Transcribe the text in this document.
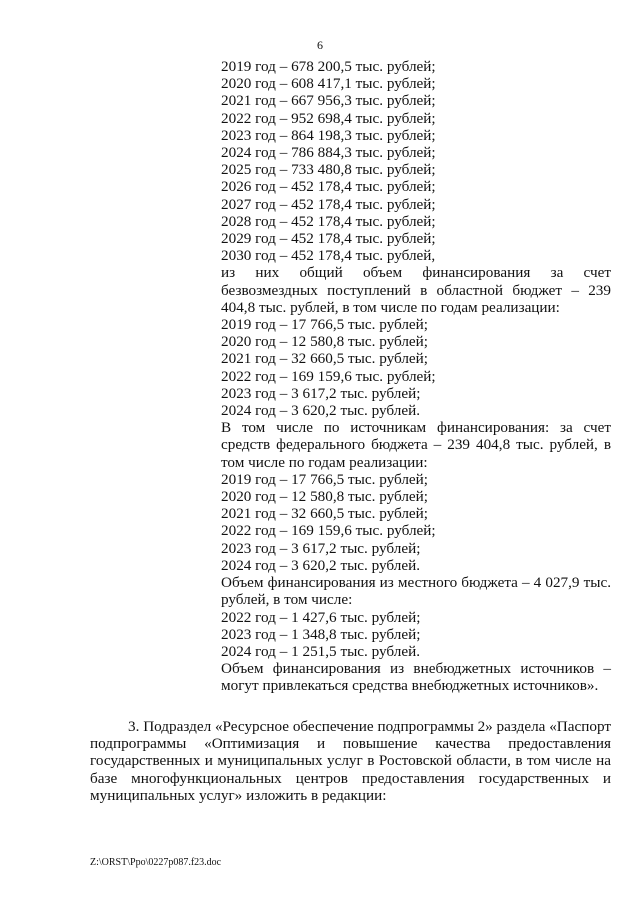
6
2019 год – 678 200,5 тыс. рублей;
2020 год – 608 417,1 тыс. рублей;
2021 год – 667 956,3 тыс. рублей;
2022 год – 952 698,4 тыс. рублей;
2023 год – 864 198,3 тыс. рублей;
2024 год – 786 884,3 тыс. рублей;
2025 год – 733 480,8 тыс. рублей;
2026 год – 452 178,4 тыс. рублей;
2027 год – 452 178,4 тыс. рублей;
2028 год – 452 178,4 тыс. рублей;
2029 год – 452 178,4 тыс. рублей;
2030 год – 452 178,4 тыс. рублей,
из них общий объем финансирования за счет безвозмездных поступлений в областной бюджет – 239 404,8 тыс. рублей, в том числе по годам реализации:
2019 год – 17 766,5 тыс. рублей;
2020 год – 12 580,8 тыс. рублей;
2021 год – 32 660,5 тыс. рублей;
2022 год – 169 159,6 тыс. рублей;
2023 год – 3 617,2 тыс. рублей;
2024 год – 3 620,2 тыс. рублей.
В том числе по источникам финансирования: за счет средств федерального бюджета – 239 404,8 тыс. рублей, в том числе по годам реализации:
2019 год – 17 766,5 тыс. рублей;
2020 год – 12 580,8 тыс. рублей;
2021 год – 32 660,5 тыс. рублей;
2022 год – 169 159,6 тыс. рублей;
2023 год – 3 617,2 тыс. рублей;
2024 год – 3 620,2 тыс. рублей.
Объем финансирования из местного бюджета – 4 027,9 тыс. рублей, в том числе:
2022 год – 1 427,6 тыс. рублей;
2023 год – 1 348,8 тыс. рублей;
2024 год – 1 251,5 тыс. рублей.
Объем финансирования из внебюджетных источников – могут привлекаться средства внебюджетных источников».
3. Подраздел «Ресурсное обеспечение подпрограммы 2» раздела «Паспорт подпрограммы «Оптимизация и повышение качества предоставления государственных и муниципальных услуг в Ростовской области, в том числе на базе многофункциональных центров предоставления государственных и муниципальных услуг» изложить в редакции:
Z:\ORST\Ppo\0227p087.f23.doc
